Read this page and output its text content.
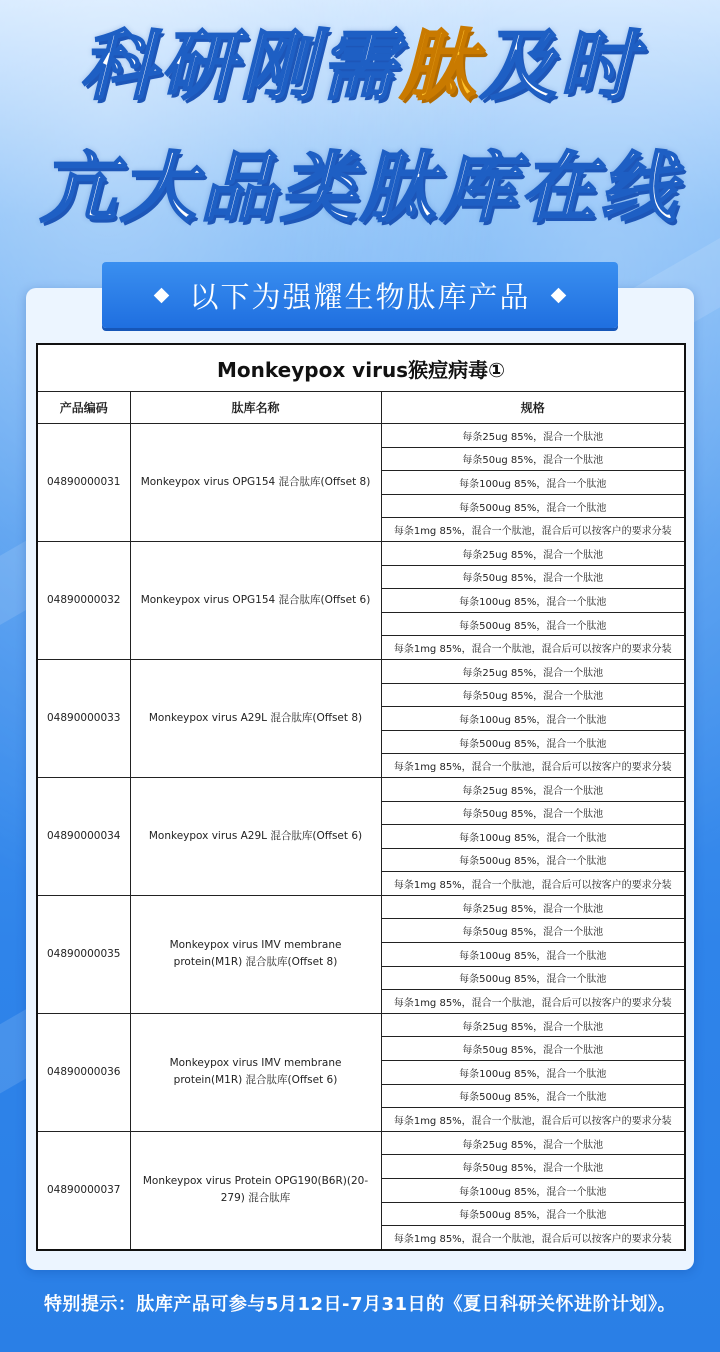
科研刚需肽及时
亢大品类肽库在线
以下为强耀生物肽库产品
Monkeypox virus猴痘病毒①		
产品编码	肽库名称	规格
04890000031	Monkeypox virus OPG154 混合肽库(Offset 8)	每条25ug 85%，混合一个肽池
		每条50ug 85%，混合一个肽池
		每条100ug 85%，混合一个肽池
		每条500ug 85%，混合一个肽池
		每条1mg 85%，混合一个肽池，混合后可以按客户的要求分装
04890000032	Monkeypox virus OPG154 混合肽库(Offset 6)	每条25ug 85%，混合一个肽池
		每条50ug 85%，混合一个肽池
		每条100ug 85%，混合一个肽池
		每条500ug 85%，混合一个肽池
		每条1mg 85%，混合一个肽池，混合后可以按客户的要求分装
04890000033	Monkeypox virus A29L 混合肽库(Offset 8)	每条25ug 85%，混合一个肽池
		每条50ug 85%，混合一个肽池
		每条100ug 85%，混合一个肽池
		每条500ug 85%，混合一个肽池
		每条1mg 85%，混合一个肽池，混合后可以按客户的要求分装
04890000034	Monkeypox virus A29L 混合肽库(Offset 6)	每条25ug 85%，混合一个肽池
		每条50ug 85%，混合一个肽池
		每条100ug 85%，混合一个肽池
		每条500ug 85%，混合一个肽池
		每条1mg 85%，混合一个肽池，混合后可以按客户的要求分装
04890000035	Monkeypox virus IMV membrane protein(M1R) 混合肽库(Offset 8)	每条25ug 85%，混合一个肽池
		每条50ug 85%，混合一个肽池
		每条100ug 85%，混合一个肽池
		每条500ug 85%，混合一个肽池
		每条1mg 85%，混合一个肽池，混合后可以按客户的要求分装
04890000036	Monkeypox virus IMV membrane protein(M1R) 混合肽库(Offset 6)	每条25ug 85%，混合一个肽池
		每条50ug 85%，混合一个肽池
		每条100ug 85%，混合一个肽池
		每条500ug 85%，混合一个肽池
		每条1mg 85%，混合一个肽池，混合后可以按客户的要求分装
04890000037	Monkeypox virus Protein OPG190(B6R)(20-279) 混合肽库	每条25ug 85%，混合一个肽池
		每条50ug 85%，混合一个肽池
		每条100ug 85%，混合一个肽池
		每条500ug 85%，混合一个肽池
		每条1mg 85%，混合一个肽池，混合后可以按客户的要求分装
特别提示：肽库产品可参与5月12日-7月31日的《夏日科研关怀进阶计划》。
